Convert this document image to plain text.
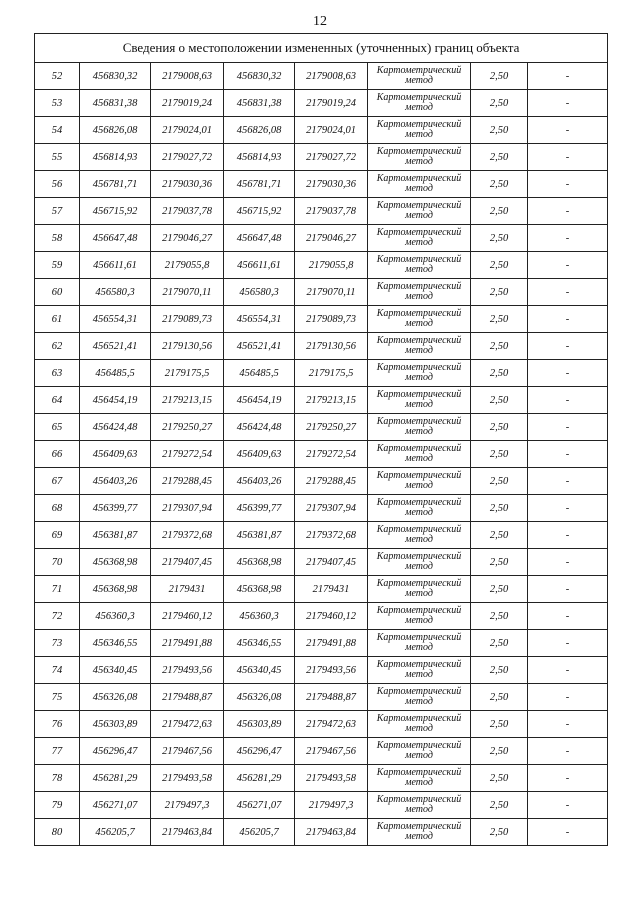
12
Сведения о местоположении измененных (уточненных) границ объекта							
52	456830,32	2179008,63	456830,32	2179008,63	Картометрический метод	2,50	-
53	456831,38	2179019,24	456831,38	2179019,24	Картометрический метод	2,50	-
54	456826,08	2179024,01	456826,08	2179024,01	Картометрический метод	2,50	-
55	456814,93	2179027,72	456814,93	2179027,72	Картометрический метод	2,50	-
56	456781,71	2179030,36	456781,71	2179030,36	Картометрический метод	2,50	-
57	456715,92	2179037,78	456715,92	2179037,78	Картометрический метод	2,50	-
58	456647,48	2179046,27	456647,48	2179046,27	Картометрический метод	2,50	-
59	456611,61	2179055,8	456611,61	2179055,8	Картометрический метод	2,50	-
60	456580,3	2179070,11	456580,3	2179070,11	Картометрический метод	2,50	-
61	456554,31	2179089,73	456554,31	2179089,73	Картометрический метод	2,50	-
62	456521,41	2179130,56	456521,41	2179130,56	Картометрический метод	2,50	-
63	456485,5	2179175,5	456485,5	2179175,5	Картометрический метод	2,50	-
64	456454,19	2179213,15	456454,19	2179213,15	Картометрический метод	2,50	-
65	456424,48	2179250,27	456424,48	2179250,27	Картометрический метод	2,50	-
66	456409,63	2179272,54	456409,63	2179272,54	Картометрический метод	2,50	-
67	456403,26	2179288,45	456403,26	2179288,45	Картометрический метод	2,50	-
68	456399,77	2179307,94	456399,77	2179307,94	Картометрический метод	2,50	-
69	456381,87	2179372,68	456381,87	2179372,68	Картометрический метод	2,50	-
70	456368,98	2179407,45	456368,98	2179407,45	Картометрический метод	2,50	-
71	456368,98	2179431	456368,98	2179431	Картометрический метод	2,50	-
72	456360,3	2179460,12	456360,3	2179460,12	Картометрический метод	2,50	-
73	456346,55	2179491,88	456346,55	2179491,88	Картометрический метод	2,50	-
74	456340,45	2179493,56	456340,45	2179493,56	Картометрический метод	2,50	-
75	456326,08	2179488,87	456326,08	2179488,87	Картометрический метод	2,50	-
76	456303,89	2179472,63	456303,89	2179472,63	Картометрический метод	2,50	-
77	456296,47	2179467,56	456296,47	2179467,56	Картометрический метод	2,50	-
78	456281,29	2179493,58	456281,29	2179493,58	Картометрический метод	2,50	-
79	456271,07	2179497,3	456271,07	2179497,3	Картометрический метод	2,50	-
80	456205,7	2179463,84	456205,7	2179463,84	Картометрический метод	2,50	-
